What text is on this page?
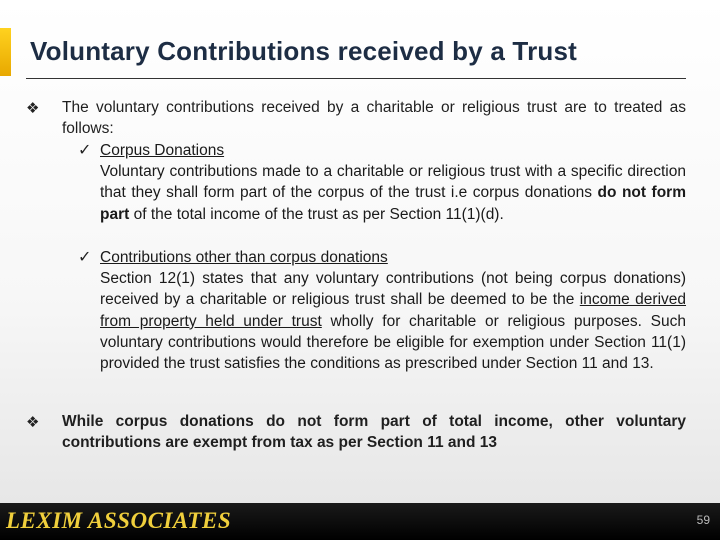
Voluntary Contributions received by a Trust
❖	The voluntary contributions received by a charitable or religious trust are to treated as follows:
✓ Corpus Donations
Voluntary contributions made to a charitable or religious trust with a specific direction that they shall form part of the corpus of the trust i.e corpus donations do not form part of the total income of the trust as per Section 11(1)(d).
✓ Contributions other than corpus donations
Section 12(1) states that any voluntary contributions (not being corpus donations) received by a charitable or religious trust shall be deemed to be the income derived from property held under trust wholly for charitable or religious purposes. Such voluntary contributions would therefore be eligible for exemption under Section 11(1) provided the trust satisfies the conditions as prescribed under Section 11 and 13.
❖	While corpus donations do not form part of total income, other voluntary contributions are exempt from tax as per Section 11 and 13
LEXIM ASSOCIATES	59
